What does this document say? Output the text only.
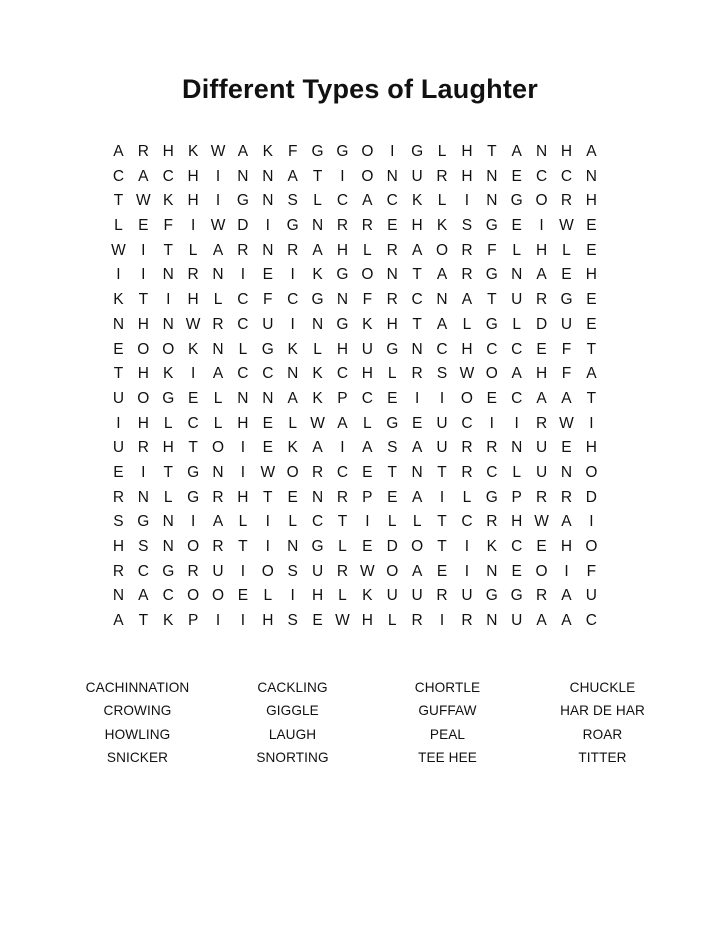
Different Types of Laughter
A R H K W A K F G G O	I	G L H T A N H A
C A C H	I	N N A T	I	O N U R H N E C C N
T W K H	I	G N S L C A C K L	I	N G O R H
L E F	I W D	I	G N R R E H K S G E	I W E
W I	T	L A R N R A H L R A O R F	L H L E
I	I	N R N	I	E	I	K G O N T A R G N A E H
K T	I	H L C F C G N F R C N A T U R G E
N H N W R C U	I	N G K H T A L G L D U E
E O O K N L G K L H U G N C H C C E F T
T H K	I	A C C N K C H L R S W O A H F A
U O G E L N N A K P C E	I	I	O E C A A T
I	H L C L H E L W A L G E U C	I	I	R W I
U R H T O	I	E K A	I	A S A U R R N U E H
E	I	T G N	I W O R C E T N T R C L U N O
R N L G R H T E N R P E A	I	L G P R R D
S G N	I	A L	I	L C T	I	L	L	T C R H W A	I
H S N O R T	I	N G L E D O T	I	K C E H O
R C G R U	I	O S U R W O A E	I	N E O	I	F
N A C O O E L	I	H L K U U R U G G R A U
A T K P	I	I	H S E W H L R	I	R N U A A C
CACHINNATION	CACKLING	CHORTLE	CHUCKLE
CROWING	GIGGLE	GUFFAW	HAR DE HAR
HOWLING	LAUGH	PEAL	ROAR
SNICKER	SNORTING	TEE HEE	TITTER
